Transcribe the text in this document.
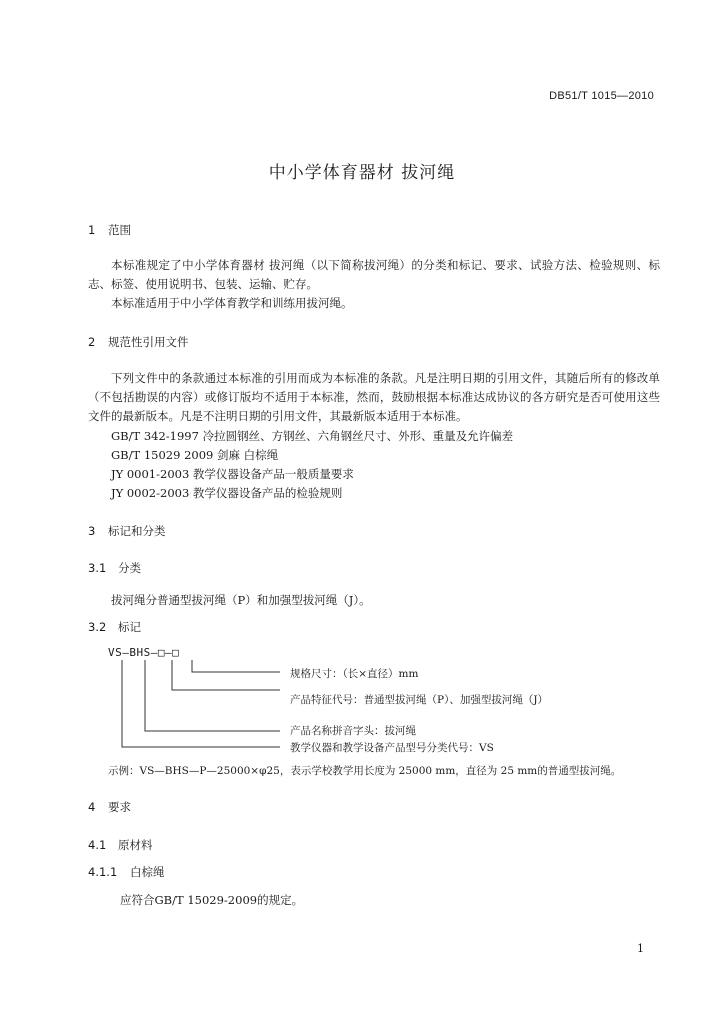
DB51/T 1015—2010
中小学体育器材 拔河绳
1 范围

本标准规定了中小学体育器材 拔河绳（以下简称拔河绳）的分类和标记、要求、试验方法、检验规则、标志、标签、使用说明书、包装、运输、贮存。

本标准适用于中小学体育教学和训练用拔河绳。

2 规范性引用文件

下列文件中的条款通过本标准的引用而成为本标准的条款。凡是注明日期的引用文件，其随后所有的修改单（不包括勘误的内容）或修订版均不适用于本标准，然而，鼓励根据本标准达成协议的各方研究是否可使用这些文件的最新版本。凡是不注明日期的引用文件，其最新版本适用于本标准。

GB/T 342-1997 冷拉圆钢丝、方钢丝、六角钢丝尺寸、外形、重量及允许偏差
GB/T 15029 2009 剑麻 白棕绳
JY 0001-2003 教学仪器设备产品一般质量要求
JY 0002-2003 教学仪器设备产品的检验规则
3 标记和分类
3.1 分类
拔河绳分普通型拔河绳（P）和加强型拔河绳（J）。
3.2 标记
VS—BHS—□—□
规格尺寸：（长×直径）mm
产品特征代号：普通型拔河绳（P）、加强型拔河绳（J）
产品名称拼音字头：拔河绳
教学仪器和教学设备产品型号分类代号：VS
示例：VS—BHS—P—25000×φ25，表示学校教学用长度为 25000 mm，直径为 25 mm的普通型拔河绳。
4 要求
4.1 原材料
4.1.1 白棕绳
应符合GB/T 15029-2009的规定。
1
